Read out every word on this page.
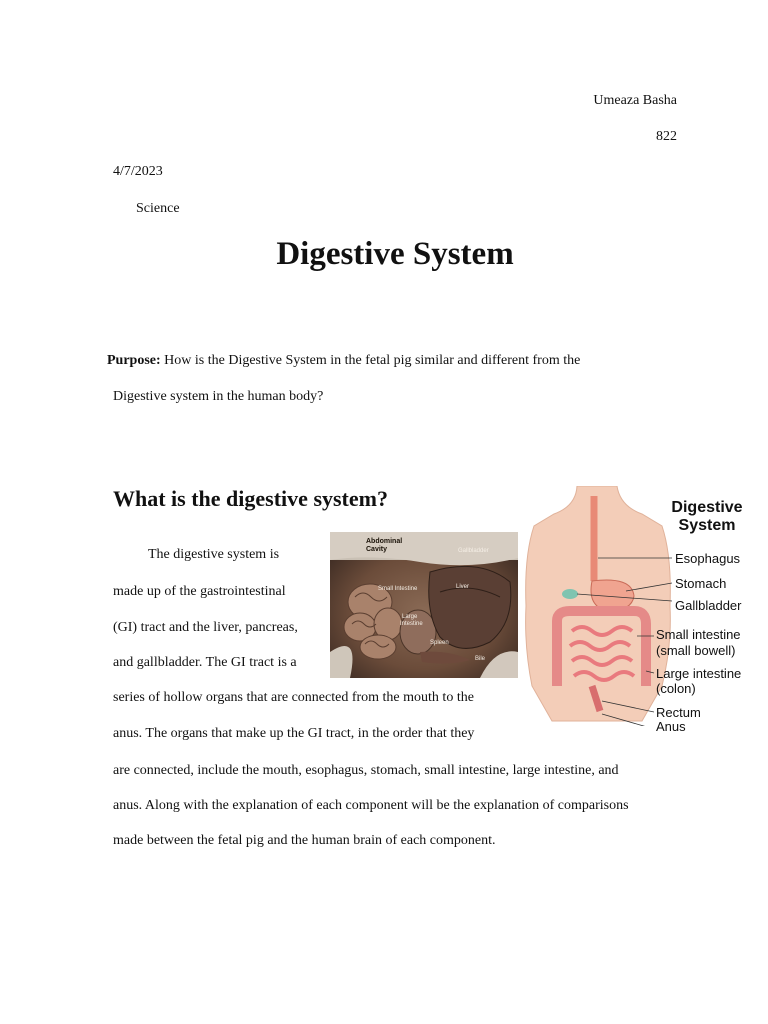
Umeaza Basha
822
4/7/2023
Science
Digestive System
Purpose: How is the Digestive System in the fetal pig similar and different from the
Digestive system in the human body?
What is the digestive system?
The digestive system is
made up of the gastrointestinal
(GI) tract and the liver, pancreas,
and gallbladder. The GI tract is a
series of hollow organs that are connected from the mouth to the
anus. The organs that make up the GI tract, in the order that they
are connected, include the mouth, esophagus, stomach, small intestine, large intestine, and
anus. Along with the explanation of each component will be the explanation of comparisons
made between the fetal pig and the human brain of each component.
Abdominal
Cavity
Small Intestine	Liver
Large
Intestine
Spleen
Gallbladder
Bile
Digestive
System
Esophagus
Stomach
Gallbladder
Small intestine
(small bowell)
Large intestine
(colon)
Rectum
Anus
